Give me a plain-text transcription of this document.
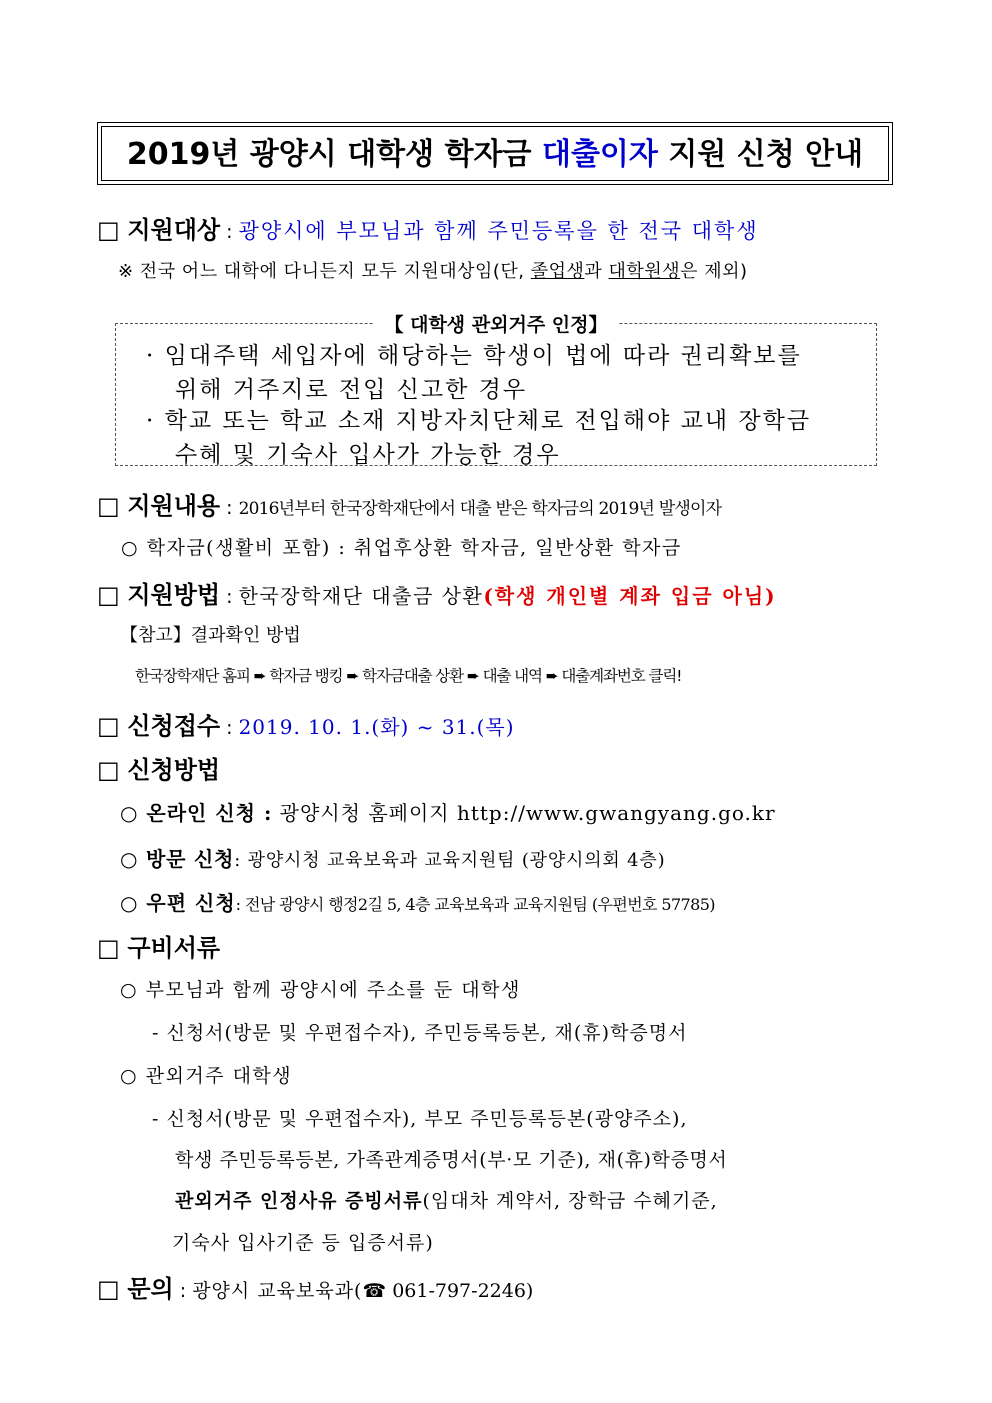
2019년 광양시 대학생 학자금 대출이자 지원 신청 안내
□ 지원대상 : 광양시에 부모님과 함께 주민등록을 한 전국 대학생
※ 전국 어느 대학에 다니든지 모두 지원대상임(단, 졸업생과 대학원생은 제외)
【 대학생 관외거주 인정】
· 임대주택 세입자에 해당하는 학생이 법에 따라 권리확보를
위해 거주지로 전입 신고한 경우
· 학교 또는 학교 소재 지방자치단체로 전입해야 교내 장학금
수혜 및 기숙사 입사가 가능한 경우
□ 지원내용 : 2016년부터 한국장학재단에서 대출 받은 학자금의 2019년 발생이자
○ 학자금(생활비 포함) : 취업후상환 학자금, 일반상환 학자금
□ 지원방법 : 한국장학재단 대출금 상환(학생 개인별 계좌 입금 아님)
【참고】결과확인 방법
한국장학재단 홈피 ➨ 학자금 뱅킹 ➨ 학자금대출 상환 ➨ 대출 내역 ➨ 대출계좌번호 클릭!
□ 신청접수 : 2019. 10. 1.(화) ~ 31.(목)
□ 신청방법
○ 온라인 신청 : 광양시청 홈페이지 http://www.gwangyang.go.kr
○ 방문 신청: 광양시청 교육보육과 교육지원팀 (광양시의회 4층)
○ 우편 신청: 전남 광양시 행정2길 5, 4층 교육보육과 교육지원팀 (우편번호 57785)
□ 구비서류
○ 부모님과 함께 광양시에 주소를 둔 대학생
- 신청서(방문 및 우편접수자), 주민등록등본, 재(휴)학증명서
○ 관외거주 대학생
- 신청서(방문 및 우편접수자), 부모 주민등록등본(광양주소),
학생 주민등록등본, 가족관계증명서(부·모 기준), 재(휴)학증명서
관외거주 인정사유 증빙서류(임대차 계약서, 장학금 수혜기준,
기숙사 입사기준 등 입증서류)
□ 문의 : 광양시 교육보육과(☎ 061-797-2246)
